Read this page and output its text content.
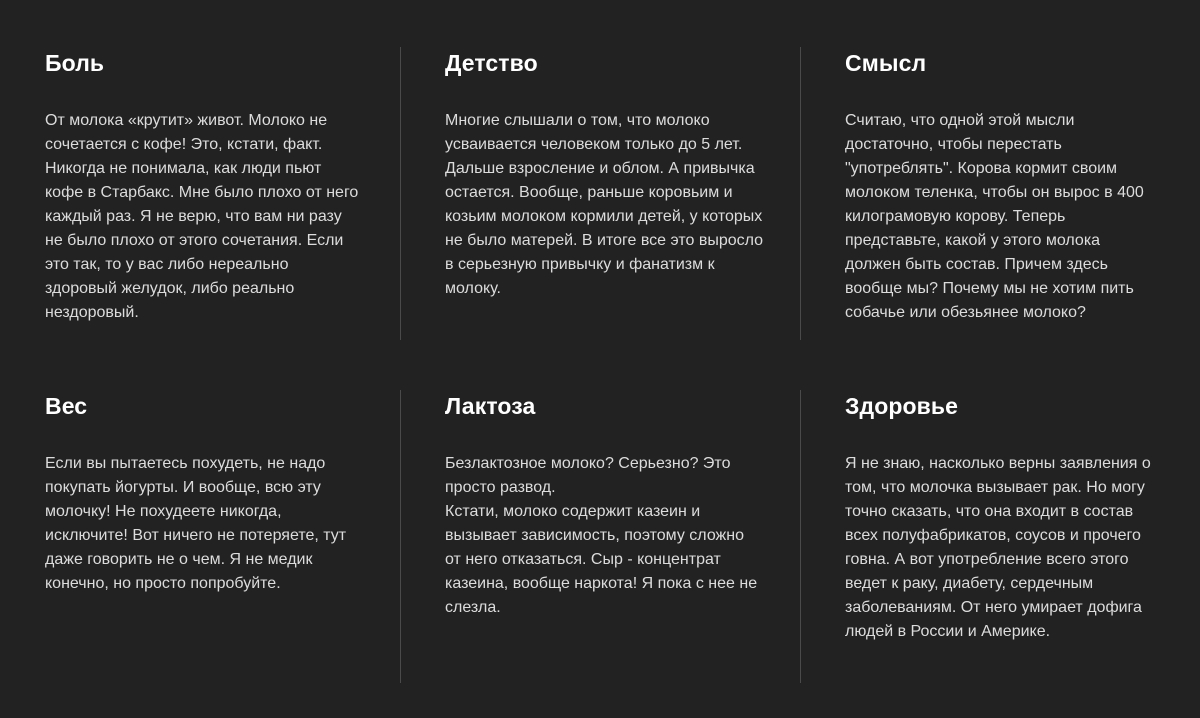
Боль
От молока «крутит» живот. Молоко не сочетается с кофе! Это, кстати, факт. Никогда не понимала, как люди пьют кофе в Старбакс. Мне было плохо от него каждый раз. Я не верю, что вам ни разу не было плохо от этого сочетания. Если это так, то у вас либо нереально здоровый желудок, либо реально нездоровый.
Детство
Многие слышали о том, что молоко усваивается человеком только до 5 лет. Дальше взросление и облом. А привычка остается. Вообще, раньше коровьим и козьим молоком кормили детей, у которых не было матерей. В итоге все это выросло в серьезную привычку и фанатизм к молоку.
Смысл
Считаю, что одной этой мысли достаточно, чтобы перестать "употреблять". Корова кормит своим молоком теленка, чтобы он вырос в 400 килограмовую корову. Теперь представьте, какой у этого молока должен быть состав. Причем здесь вообще мы? Почему мы не хотим пить собачье или обезьянее молоко?
Вес
Если вы пытаетесь похудеть, не надо покупать йогурты. И вообще, всю эту молочку! Не похудеете никогда, исключите! Вот ничего не потеряете, тут даже говорить не о чем. Я не медик конечно, но просто попробуйте.
Лактоза
Безлактозное молоко? Серьезно? Это просто развод.
Кстати, молоко содержит казеин и вызывает зависимость, поэтому сложно от него отказаться. Сыр - концентрат казеина, вообще наркота! Я пока с нее не слезла.
Здоровье
Я не знаю, насколько верны заявления о том, что молочка вызывает рак. Но могу точно сказать, что она входит в состав всех полуфабрикатов, соусов и прочего говна. А вот употребление всего этого ведет к раку, диабету, сердечным заболеваниям. От него умирает дофига людей в России и Америке.
